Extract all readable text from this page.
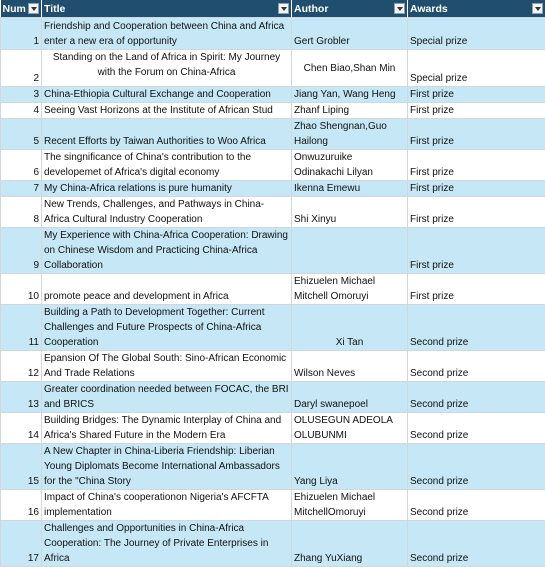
Num	Title	Author	Awards

1	Friendship and Cooperation between China and Africa enter a new era of opportunity	Gert Grobler	Special prize
2	Standing on the Land of Africa in Spirit: My Journey with the Forum on China-Africa	Chen Biao,Shan Min	Special prize
3	China-Ethiopia Cultural Exchange and Cooperation	Jiang Yan, Wang Heng	First prize
4	Seeing Vast Horizons at the Institute of African Stud	Zhanf Liping	First prize
5	Recent Efforts by Taiwan Authorities to Woo Africa	Zhao Shengnan,Guo Hailong	First prize
6	The singnificance of China's contribution to the developemet of Africa's digital economy	Onwuzuruike Odinakachi Lilyan	First prize
7	My China-Africa relations is pure humanity	Ikenna Emewu	First prize
8	New Trends, Challenges, and Pathways in China-Africa Cultural Industry Cooperation	Shi Xinyu	First prize
9	My Experience with China-Africa Cooperation: Drawing on Chinese Wisdom and Practicing China-Africa Collaboration		First prize
10	promote peace and development in Africa	Ehizuelen Michael Mitchell Omoruyi	First prize
11	Building a Path to Development Together: Current Challenges and Future Prospects of China-Africa Cooperation	Xi Tan	Second prize
12	Epansion Of The Global South: Sino-African Economic And Trade Relations	Wilson Neves	Second prize
13	Greater coordination needed between FOCAC, the BRI and BRICS	Daryl swanepoel	Second prize
14	Building Bridges: The Dynamic Interplay of China and Africa's Shared Future in the Modern Era	OLUSEGUN ADEOLA OLUBUNMI	Second prize
15	A New Chapter in China-Liberia Friendship: Liberian Young Diplomats Become International Ambassadors for the "China Story	Yang Liya	Second prize
16	Impact of China's cooperationon Nigeria's AFCFTA implementation	Ehizuelen Michael MitchellOmoruyi	Second prize
17	Challenges and Opportunities in China-Africa Cooperation: The Journey of Private Enterprises in Africa	Zhang YuXiang	Second prize
